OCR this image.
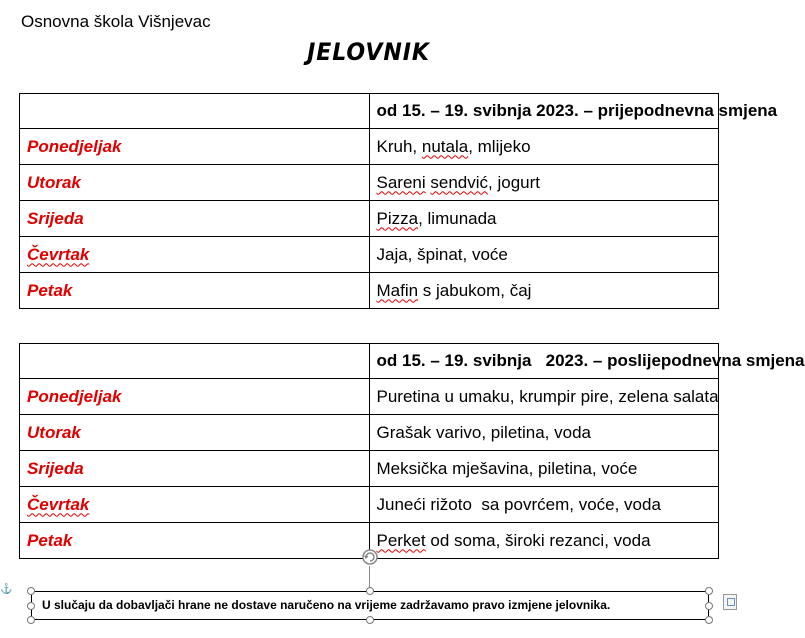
Osnovna škola Višnjevac
JELOVNIK
	od 15. – 19. svibnja 2023. – prijepodnevna smjena
Ponedjeljak	Kruh, nutala, mlijeko
Utorak	Sareni sendvić, jogurt
Srijeda	Pizza, limunada
Čevrtak	Jaja, špinat, voće
Petak	Mafin s jabukom, čaj
	od 15. – 19. svibnja   2023. – poslijepodnevna smjena
Ponedjeljak	Puretina u umaku, krumpir pire, zelena salata
Utorak	Grašak varivo, piletina, voda
Srijeda	Meksička mješavina, piletina, voće
Čevrtak	Juneći rižoto  sa povrćem, voće, voda
Petak	Perket od soma, široki rezanci, voda
U slučaju da dobavljači hrane ne dostave naručeno na vrijeme zadržavamo pravo izmjene jelovnika.
⚓
